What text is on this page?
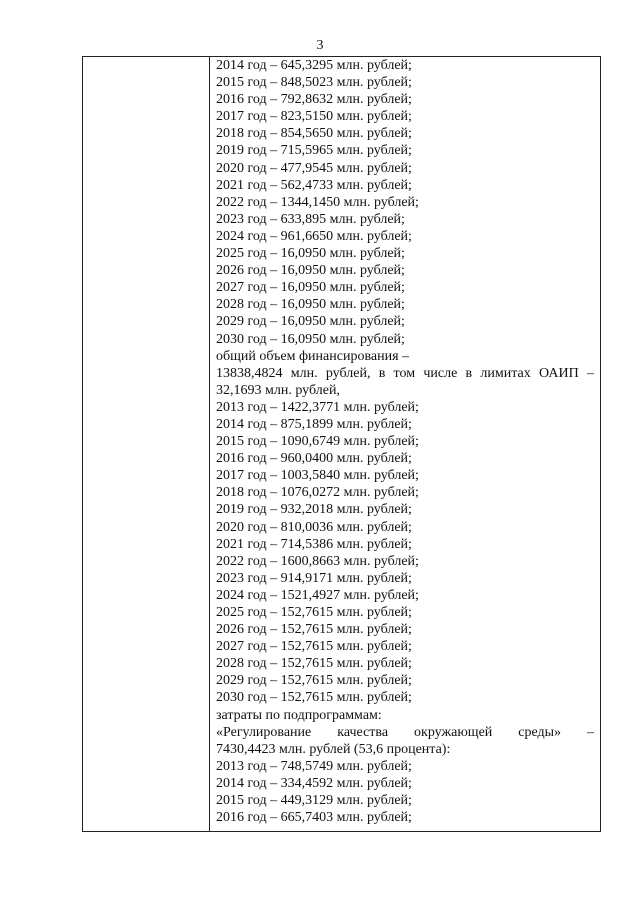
3
2014 год – 645,3295 млн. рублей;
2015 год – 848,5023 млн. рублей;
2016 год – 792,8632 млн. рублей;
2017 год – 823,5150 млн. рублей;
2018 год – 854,5650 млн. рублей;
2019 год – 715,5965 млн. рублей;
2020 год – 477,9545 млн. рублей;
2021 год – 562,4733 млн. рублей;
2022 год – 1344,1450 млн. рублей;
2023 год – 633,895 млн. рублей;
2024 год – 961,6650 млн. рублей;
2025 год – 16,0950 млн. рублей;
2026 год – 16,0950 млн. рублей;
2027 год – 16,0950 млн. рублей;
2028 год – 16,0950 млн. рублей;
2029 год – 16,0950 млн. рублей;
2030 год – 16,0950 млн. рублей;
общий объем финансирования –
13838,4824 млн. рублей, в том числе в лимитах ОАИП –
32,1693 млн. рублей,
2013 год – 1422,3771 млн. рублей;
2014 год – 875,1899 млн. рублей;
2015 год – 1090,6749 млн. рублей;
2016 год – 960,0400 млн. рублей;
2017 год – 1003,5840 млн. рублей;
2018 год – 1076,0272 млн. рублей;
2019 год – 932,2018 млн. рублей;
2020 год – 810,0036 млн. рублей;
2021 год – 714,5386 млн. рублей;
2022 год – 1600,8663 млн. рублей;
2023 год – 914,9171 млн. рублей;
2024 год – 1521,4927 млн. рублей;
2025 год – 152,7615 млн. рублей;
2026 год – 152,7615 млн. рублей;
2027 год – 152,7615 млн. рублей;
2028 год – 152,7615 млн. рублей;
2029 год – 152,7615 млн. рублей;
2030 год – 152,7615 млн. рублей;
затраты по подпрограммам:
«Регулирование качества окружающей среды» –
7430,4423 млн. рублей (53,6 процента):
2013 год – 748,5749 млн. рублей;
2014 год – 334,4592 млн. рублей;
2015 год – 449,3129 млн. рублей;
2016 год – 665,7403 млн. рублей;
